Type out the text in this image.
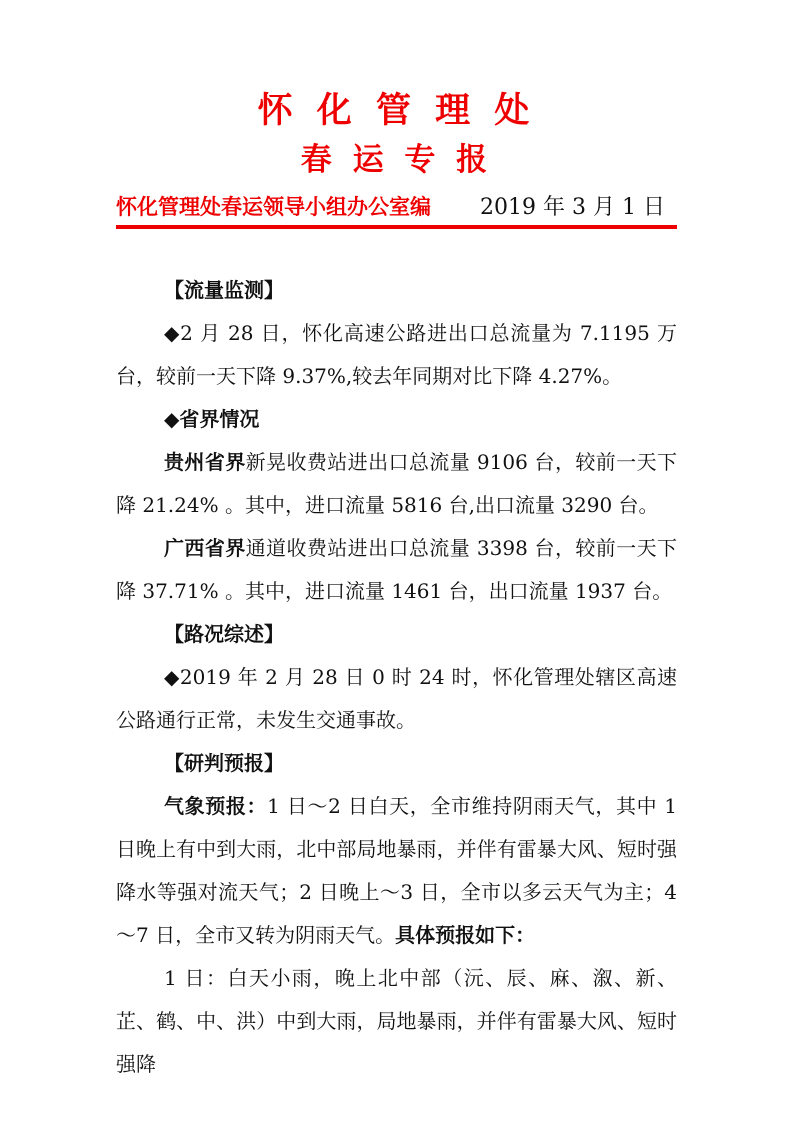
怀 化 管 理 处
春 运 专 报
怀化管理处春运领导小组办公室编 2019 年 3 月 1 日

【流量监测】

◆2 月 28 日，怀化高速公路进出口总流量为 7.1195 万台，较前一天下降 9.37%,较去年同期对比下降 4.27%。

◆省界情况

贵州省界新晃收费站进出口总流量 9106 台，较前一天下降 21.24% 。其中，进口流量 5816 台,出口流量 3290 台。

广西省界通道收费站进出口总流量 3398 台，较前一天下降 37.71% 。其中，进口流量 1461 台，出口流量 1937 台。

【路况综述】

◆2019 年 2 月 28 日 0 时 24 时，怀化管理处辖区高速公路通行正常，未发生交通事故。

【研判预报】

气象预报：1 日～2 日白天，全市维持阴雨天气，其中 1 日晚上有中到大雨，北中部局地暴雨，并伴有雷暴大风、短时强降水等强对流天气；2 日晚上～3 日，全市以多云天气为主；4～7 日，全市又转为阴雨天气。具体预报如下：

1 日：白天小雨，晚上北中部（沅、辰、麻、溆、新、芷、鹤、中、洪）中到大雨，局地暴雨，并伴有雷暴大风、短时强降
